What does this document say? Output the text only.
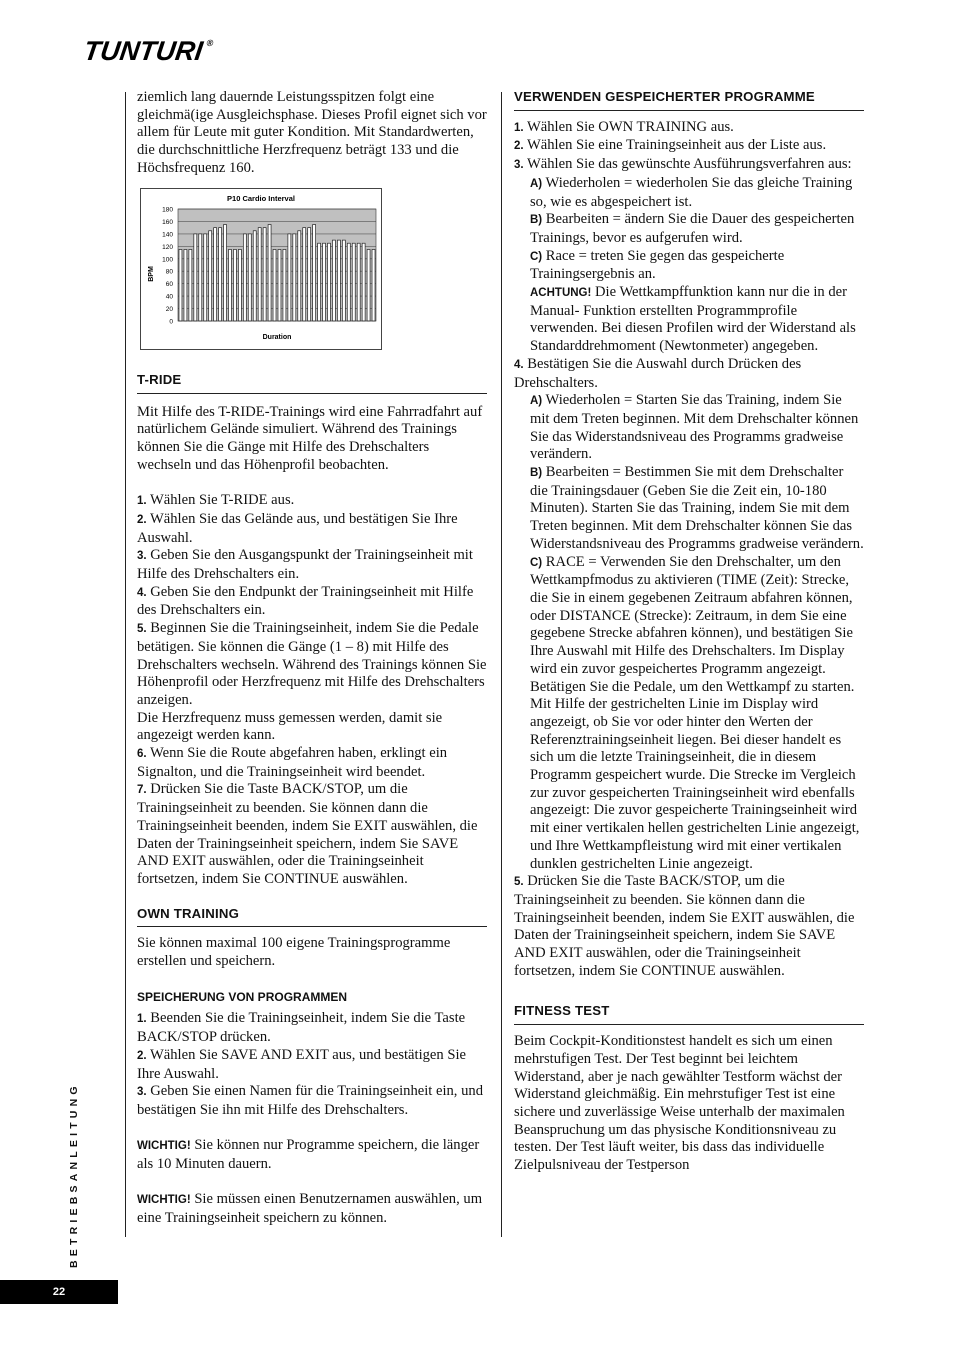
TUNTURI®

ziemlich lang dauernde Leistungsspitzen folgt eine gleichmä(ige Ausgleichsphase. Dieses Profil eignet sich vor allem für Leute mit guter Kondition. Mit Standardwerten, die durchschnittliche Herzfrequenz beträgt 133 und die Höchsfrequenz 160.

P10 Cardio Interval
BPM
Duration
180
160
140
120
100
80
60
40
20
0
T-RIDE

Mit Hilfe des T-RIDE-Trainings wird eine Fahrradfahrt auf natürlichem Gelände simuliert. Während des Trainings können Sie die Gänge mit Hilfe des Drehschalters wechseln und das Höhenprofil beobachten.

1. Wählen Sie T-RIDE aus.

2. Wählen Sie das Gelände aus, und bestätigen Sie Ihre Auswahl.

3. Geben Sie den Ausgangspunkt der Trainingseinheit mit Hilfe des Drehschalters ein.

4. Geben Sie den Endpunkt der Trainingseinheit mit Hilfe des Drehschalters ein.

5. Beginnen Sie die Trainingseinheit, indem Sie die Pedale betätigen. Sie können die Gänge (1 – 8) mit Hilfe des Drehschalters wechseln. Während des Trainings können Sie Höhenprofil oder Herzfrequenz mit Hilfe des Drehschalters anzeigen.

Die Herzfrequenz muss gemessen werden, damit sie angezeigt werden kann.

6. Wenn Sie die Route abgefahren haben, erklingt ein Signalton, und die Trainingseinheit wird beendet.

7. Drücken Sie die Taste BACK/STOP, um die Trainingseinheit zu beenden. Sie können dann die Trainingseinheit beenden, indem Sie EXIT auswählen, die Daten der Trainingseinheit speichern, indem Sie SAVE AND EXIT auswählen, oder die Trainingseinheit fortsetzen, indem Sie CONTINUE auswählen.

OWN TRAINING

Sie können maximal 100 eigene Trainingsprogramme erstellen und speichern.

SPEICHERUNG VON PROGRAMMEN

1. Beenden Sie die Trainingseinheit, indem Sie die Taste BACK/STOP drücken.

2. Wählen Sie SAVE AND EXIT aus, und bestätigen Sie Ihre Auswahl.

3. Geben Sie einen Namen für die Trainingseinheit ein, und bestätigen Sie ihn mit Hilfe des Drehschalters.

WICHTIG! Sie können nur Programme speichern, die länger als 10 Minuten dauern.

WICHTIG! Sie müssen einen Benutzernamen auswählen, um eine Trainingseinheit speichern zu können.

VERWENDEN GESPEICHERTER PROGRAMME

1. Wählen Sie OWN TRAINING aus.

2. Wählen Sie eine Trainingseinheit aus der Liste aus.

3. Wählen Sie das gewünschte Ausführungsverfahren aus:

A) Wiederholen = wiederholen Sie das gleiche Training so, wie es abgespeichert ist.

B) Bearbeiten = ändern Sie die Dauer des gespeicherten

Trainings, bevor es aufgerufen wird.

C) Race = treten Sie gegen das gespeicherte Trainingsergebnis an.

ACHTUNG! Die Wettkampffunktion kann nur die in der Manual- Funktion erstellten Programmprofile verwenden. Bei diesen Profilen wird der Widerstand als Standarddrehmoment (Newtonmeter) angegeben.

4. Bestätigen Sie die Auswahl durch Drücken des Drehschalters.

A) Wiederholen = Starten Sie das Training, indem Sie mit dem Treten beginnen. Mit dem Drehschalter können Sie das Widerstandsniveau des Programms gradweise verändern.

B) Bearbeiten = Bestimmen Sie mit dem Drehschalter die Trainingsdauer (Geben Sie die Zeit ein, 10-180 Minuten). Starten Sie das Training, indem Sie mit dem Treten beginnen. Mit dem Drehschalter können Sie das Widerstandsniveau des Programms gradweise verändern.

C) RACE = Verwenden Sie den Drehschalter, um den Wettkampfmodus zu aktivieren (TIME (Zeit): Strecke, die Sie in einem gegebenen Zeitraum abfahren können, oder DISTANCE (Strecke): Zeitraum, in dem Sie eine gegebene Strecke abfahren können), und bestätigen Sie Ihre Auswahl mit Hilfe des Drehschalters. Im Display wird ein zuvor gespeichertes Programm angezeigt. Betätigen Sie die Pedale, um den Wettkampf zu starten.

Mit Hilfe der gestrichelten Linie im Display wird angezeigt, ob Sie vor oder hinter den Werten der Referenztrainingseinheit liegen. Bei dieser handelt es sich um die letzte Trainingseinheit, die in diesem Programm gespeichert wurde. Die Strecke im Vergleich zur zuvor gespeicherten Trainingseinheit wird ebenfalls angezeigt: Die zuvor gespeicherte Trainingseinheit wird mit einer vertikalen hellen gestrichelten Linie angezeigt, und Ihre Wettkampfleistung wird mit einer vertikalen dunklen gestrichelten Linie angezeigt.

5. Drücken Sie die Taste BACK/STOP, um die Trainingseinheit zu beenden. Sie können dann die Trainingseinheit beenden, indem Sie EXIT auswählen, die Daten der Trainingseinheit speichern, indem Sie SAVE AND EXIT auswählen, oder die Trainingseinheit fortsetzen, indem Sie CONTINUE auswählen.

FITNESS TEST

Beim Cockpit-Konditionstest handelt es sich um einen mehrstufigen Test. Der Test beginnt bei leichtem Widerstand, aber je nach gewählter Testform wächst der Widerstand gleichmäßig. Ein mehrstufiger Test ist eine sichere und zuverlässige Weise unterhalb der maximalen Beanspruchung um das physische Konditionsniveau zu testen. Der Test läuft weiter, bis dass das individuelle Zielpulsniveau der Testperson

BETRIEBSANLEITUNG
22
